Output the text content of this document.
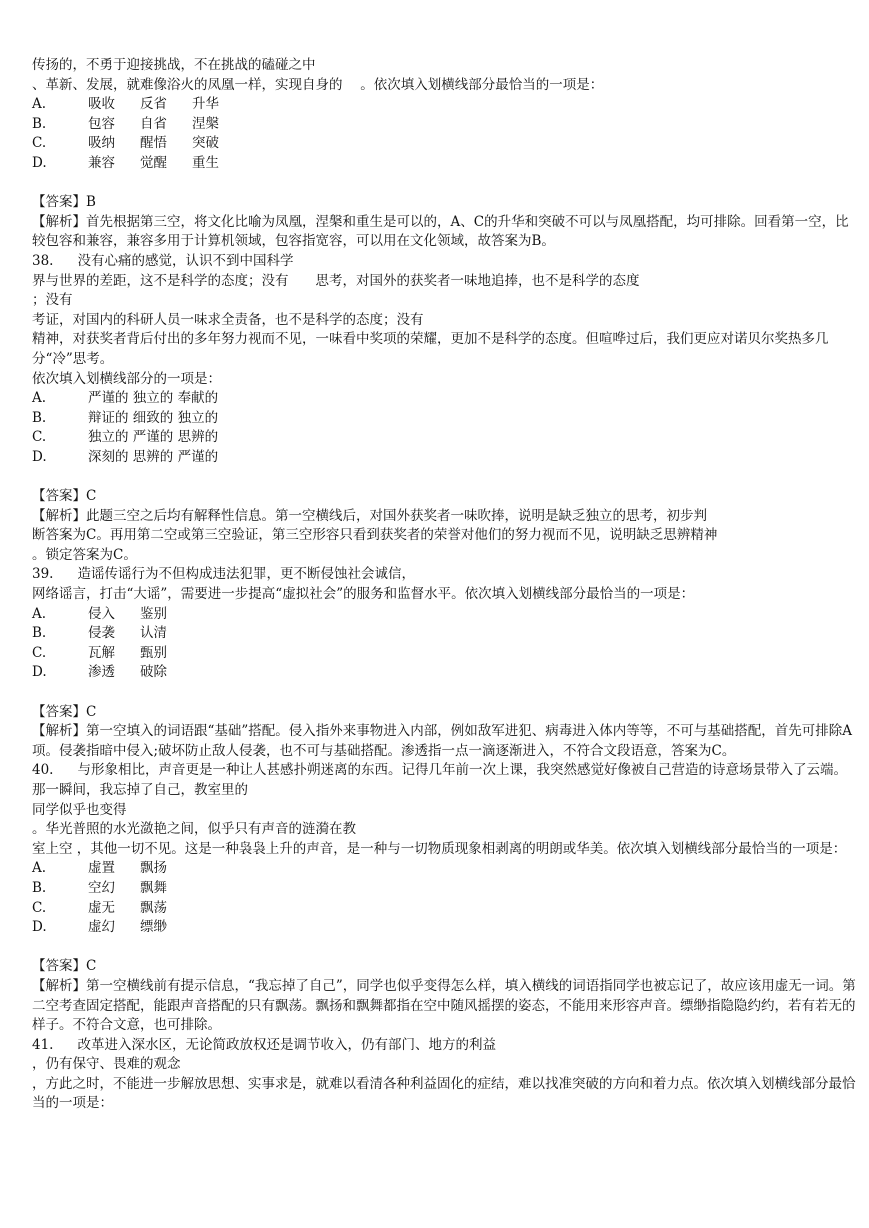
传扬的，不勇于迎接挑战，不在挑战的磕碰之中
、革新、发展，就难像浴火的凤凰一样，实现自身的 　。依次填入划横线部分最恰当的一项是：
A.	吸收	反省	升华
B.	包容	自省	涅槃
C.	吸纳	醒悟	突破
D.	兼容	觉醒	重生
【答案】B
【解析】首先根据第三空，将文化比喻为凤凰，涅槃和重生是可以的，A、C的升华和突破不可以与凤凰搭配，均可排除。回看第一空，比较包容和兼容，兼容多用于计算机领域，包容指宽容，可以用在文化领域，故答案为B。
38. 没有心痛的感觉，认识不到中国科学
界与世界的差距，这不是科学的态度；没有　　思考，对国外的获奖者一味地追捧，也不是科学的态度
；没有
考证，对国内的科研人员一味求全责备，也不是科学的态度；没有
精神，对获奖者背后付出的多年努力视而不见，一味看中奖项的荣耀，更加不是科学的态度。但喧哗过后，我们更应对诺贝尔奖热多几分“冷”思考。
依次填入划横线部分的一项是：
A.	严谨的 独立的 奉献的
B.	辩证的 细致的 独立的
C.	独立的 严谨的 思辨的
D.	深刻的 思辨的 严谨的
【答案】C
【解析】此题三空之后均有解释性信息。第一空横线后，对国外获奖者一味吹捧，说明是缺乏独立的思考，初步判
断答案为C。再用第二空或第三空验证，第三空形容只看到获奖者的荣誉对他们的努力视而不见，说明缺乏思辨精神
。锁定答案为C。
39. 造谣传谣行为不但构成违法犯罪，更不断侵蚀社会诚信，
网络谣言，打击“大谣”，需要进一步提高“虚拟社会”的服务和监督水平。依次填入划横线部分最恰当的一项是：
A.	侵入	鉴别
B.	侵袭	认清
C.	瓦解	甄别
D.	渗透	破除
【答案】C
【解析】第一空填入的词语跟“基础”搭配。侵入指外来事物进入内部，例如敌军进犯、病毒进入体内等等，不可与基础搭配，首先可排除A项。侵袭指暗中侵入;破坏防止敌人侵袭，也不可与基础搭配。渗透指一点一滴逐渐进入，不符合文段语意，答案为C。
40. 与形象相比，声音更是一种让人甚感扑朔迷离的东西。记得几年前一次上课，我突然感觉好像被自己营造的诗意场景带入了云端。那一瞬间，我忘掉了自己，教室里的
同学似乎也变得
。华光普照的水光潋艳之间，似乎只有声音的涟漪在教
室上空 ，其他一切不见。这是一种袅袅上升的声音，是一种与一切物质现象相剥离的明朗或华美。依次填入划横线部分最恰当的一项是：
A.	虚置	飘扬
B.	空幻	飘舞
C.	虚无	飘荡
D.	虚幻	缥缈
【答案】C
【解析】第一空横线前有提示信息，“我忘掉了自己”，同学也似乎变得怎么样，填入横线的词语指同学也被忘记了，故应该用虚无一词。第二空考查固定搭配，能跟声音搭配的只有飘荡。飘扬和飘舞都指在空中随风摇摆的姿态，不能用来形容声音。缥缈指隐隐约约，若有若无的样子。不符合文意，也可排除。
41. 改革进入深水区，无论简政放权还是调节收入，仍有部门、地方的利益
，仍有保守、畏难的观念
，方此之时，不能进一步解放思想、实事求是，就难以看清各种利益固化的症结，难以找准突破的方向和着力点。依次填入划横线部分最恰当的一项是：
